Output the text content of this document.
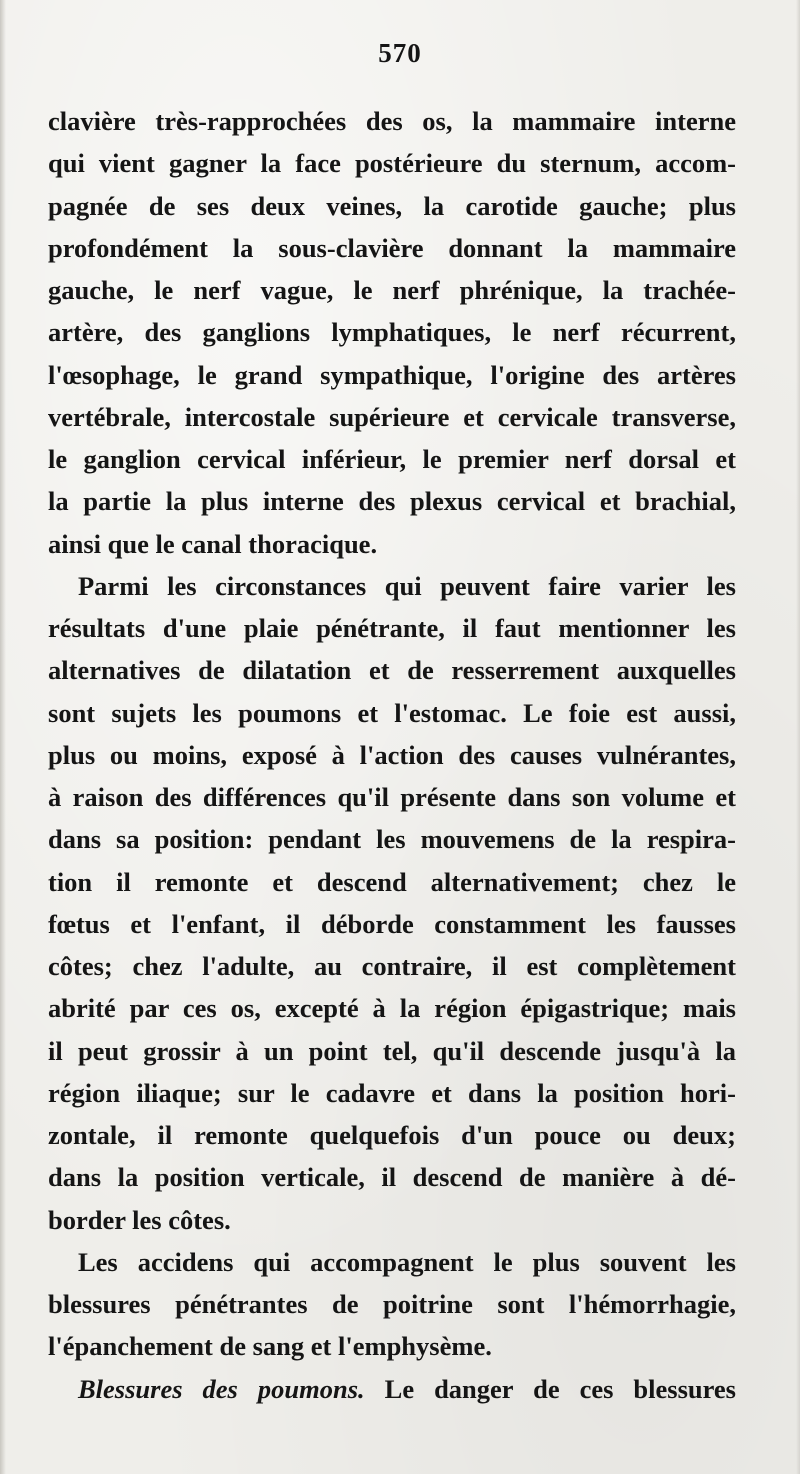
570
clavière très-rapprochées des os, la mammaire interne
qui vient gagner la face postérieure du sternum, accom-
pagnée de ses deux veines, la carotide gauche; plus
profondément la sous-clavière donnant la mammaire
gauche, le nerf vague, le nerf phrénique, la trachée-
artère, des ganglions lymphatiques, le nerf récurrent,
l'œsophage, le grand sympathique, l'origine des artères
vertébrale, intercostale supérieure et cervicale transverse,
le ganglion cervical inférieur, le premier nerf dorsal et
la partie la plus interne des plexus cervical et brachial,
ainsi que le canal thoracique.
Parmi les circonstances qui peuvent faire varier les
résultats d'une plaie pénétrante, il faut mentionner les
alternatives de dilatation et de resserrement auxquelles
sont sujets les poumons et l'estomac. Le foie est aussi,
plus ou moins, exposé à l'action des causes vulnérantes,
à raison des différences qu'il présente dans son volume et
dans sa position: pendant les mouvemens de la respira-
tion il remonte et descend alternativement; chez le
fœtus et l'enfant, il déborde constamment les fausses
côtes; chez l'adulte, au contraire, il est complètement
abrité par ces os, excepté à la région épigastrique; mais
il peut grossir à un point tel, qu'il descende jusqu'à la
région iliaque; sur le cadavre et dans la position hori-
zontale, il remonte quelquefois d'un pouce ou deux;
dans la position verticale, il descend de manière à dé-
border les côtes.
Les accidens qui accompagnent le plus souvent les
blessures pénétrantes de poitrine sont l'hémorrhagie,
l'épanchement de sang et l'emphysème.
Blessures des poumons. Le danger de ces blessures
